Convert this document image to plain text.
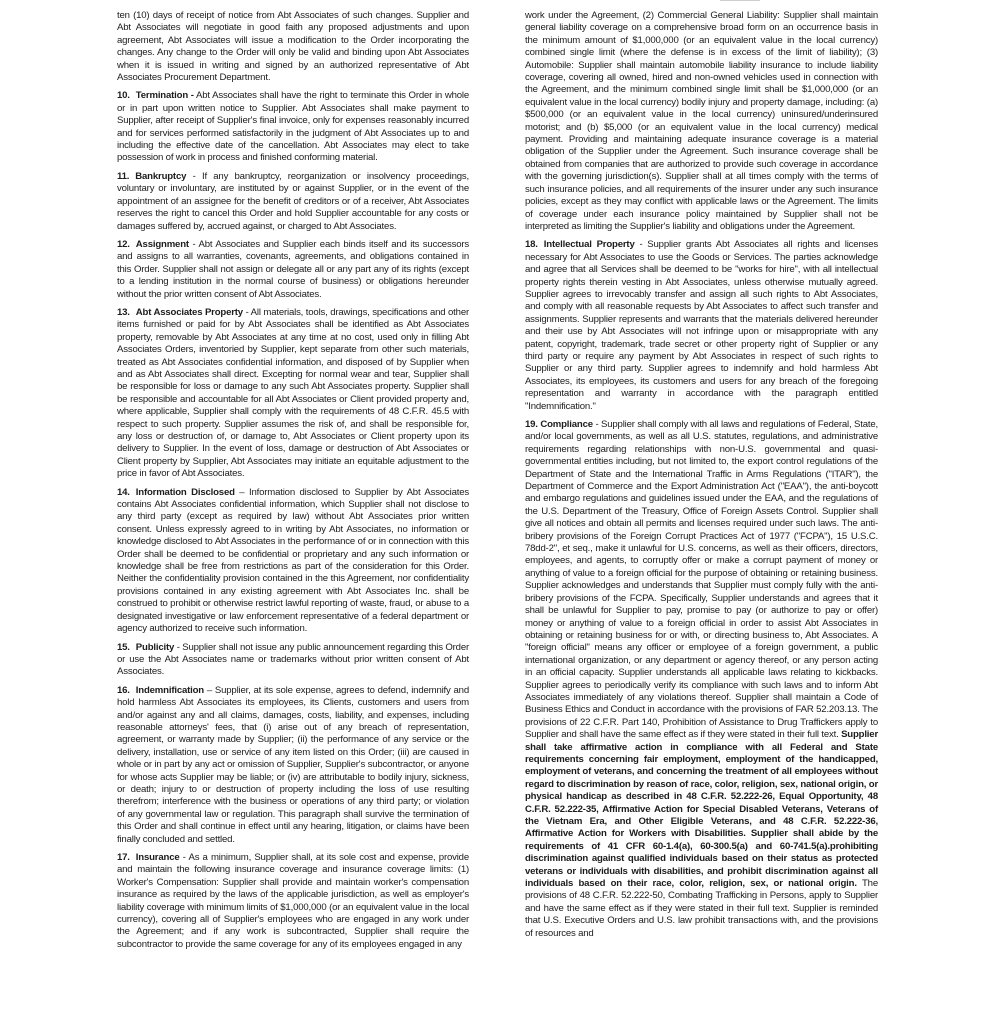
ten (10) days of receipt of notice from Abt Associates of such changes. Supplier and Abt Associates will negotiate in good faith any proposed adjustments and upon agreement, Abt Associates will issue a modification to the Order incorporating the changes. Any change to the Order will only be valid and binding upon Abt Associates when it is issued in writing and signed by an authorized representative of Abt Associates Procurement Department.

10. Termination - Abt Associates shall have the right to terminate this Order in whole or in part upon written notice to Supplier. Abt Associates shall make payment to Supplier, after receipt of Supplier's final invoice, only for expenses reasonably incurred and for services performed satisfactorily in the judgment of Abt Associates up to and including the effective date of the cancellation. Abt Associates may elect to take possession of work in process and finished conforming material.

11. Bankruptcy - If any bankruptcy, reorganization or insolvency proceedings, voluntary or involuntary, are instituted by or against Supplier, or in the event of the appointment of an assignee for the benefit of creditors or of a receiver, Abt Associates reserves the right to cancel this Order and hold Supplier accountable for any costs or damages suffered by, accrued against, or charged to Abt Associates.

12. Assignment - Abt Associates and Supplier each binds itself and its successors and assigns to all warranties, covenants, agreements, and obligations contained in this Order. Supplier shall not assign or delegate all or any part any of its rights (except to a lending institution in the normal course of business) or obligations hereunder without the prior written consent of Abt Associates.

13. Abt Associates Property - All materials, tools, drawings, specifications and other items furnished or paid for by Abt Associates shall be identified as Abt Associates property, removable by Abt Associates at any time at no cost, used only in filling Abt Associates Orders, inventoried by Supplier, kept separate from other such materials, treated as Abt Associates confidential information, and disposed of by Supplier when and as Abt Associates shall direct. Excepting for normal wear and tear, Supplier shall be responsible for loss or damage to any such Abt Associates property. Supplier shall be responsible and accountable for all Abt Associates or Client provided property and, where applicable, Supplier shall comply with the requirements of 48 C.F.R. 45.5 with respect to such property. Supplier assumes the risk of, and shall be responsible for, any loss or destruction of, or damage to, Abt Associates or Client property upon its delivery to Supplier. In the event of loss, damage or destruction of Abt Associates or Client property by Supplier, Abt Associates may initiate an equitable adjustment to the price in favor of Abt Associates.

14. Information Disclosed – Information disclosed to Supplier by Abt Associates contains Abt Associates confidential information, which Supplier shall not disclose to any third party (except as required by law) without Abt Associates prior written consent. Unless expressly agreed to in writing by Abt Associates, no information or knowledge disclosed to Abt Associates in the performance of or in connection with this Order shall be deemed to be confidential or proprietary and any such information or knowledge shall be free from restrictions as part of the consideration for this Order. Neither the confidentiality provision contained in the this Agreement, nor confidentiality provisions contained in any existing agreement with Abt Associates Inc. shall be construed to prohibit or otherwise restrict lawful reporting of waste, fraud, or abuse to a designated investigative or law enforcement representative of a federal department or agency authorized to receive such information.

15. Publicity - Supplier shall not issue any public announcement regarding this Order or use the Abt Associates name or trademarks without prior written consent of Abt Associates.

16. Indemnification – Supplier, at its sole expense, agrees to defend, indemnify and hold harmless Abt Associates its employees, its Clients, customers and users from and/or against any and all claims, damages, costs, liability, and expenses, including reasonable attorneys' fees, that (i) arise out of any breach of representation, agreement, or warranty made by Supplier; (ii) the performance of any service or the delivery, installation, use or service of any item listed on this Order; (iii) are caused in whole or in part by any act or omission of Supplier, Supplier's subcontractor, or anyone for whose acts Supplier may be liable; or (iv) are attributable to bodily injury, sickness, or death; injury to or destruction of property including the loss of use resulting therefrom; interference with the business or operations of any third party; or violation of any governmental law or regulation. This paragraph shall survive the termination of this Order and shall continue in effect until any hearing, litigation, or claims have been finally concluded and settled.

17. Insurance - As a minimum, Supplier shall, at its sole cost and expense, provide and maintain the following insurance coverage and insurance coverage limits: (1) Worker's Compensation: Supplier shall provide and maintain worker's compensation insurance as required by the laws of the applicable jurisdiction, as well as employer's liability coverage with minimum limits of $1,000,000 (or an equivalent value in the local currency), covering all of Supplier's employees who are engaged in any work under the Agreement; and if any work is subcontracted, Supplier shall require the subcontractor to provide the same coverage for any of its employees engaged in any

work under the Agreement, (2) Commercial General Liability: Supplier shall maintain general liability coverage on a comprehensive broad form on an occurrence basis in the minimum amount of $1,000,000 (or an equivalent value in the local currency) combined single limit (where the defense is in excess of the limit of liability); (3) Automobile: Supplier shall maintain automobile liability insurance to include liability coverage, covering all owned, hired and non-owned vehicles used in connection with the Agreement, and the minimum combined single limit shall be $1,000,000 (or an equivalent value in the local currency) bodily injury and property damage, including: (a) $500,000 (or an equivalent value in the local currency) uninsured/underinsured motorist; and (b) $5,000 (or an equivalent value in the local currency) medical payment. Providing and maintaining adequate insurance coverage is a material obligation of the Supplier under the Agreement. Such insurance coverage shall be obtained from companies that are authorized to provide such coverage in accordance with the governing jurisdiction(s). Supplier shall at all times comply with the terms of such insurance policies, and all requirements of the insurer under any such insurance policies, except as they may conflict with applicable laws or the Agreement. The limits of coverage under each insurance policy maintained by Supplier shall not be interpreted as limiting the Supplier's liability and obligations under the Agreement.

18. Intellectual Property - Supplier grants Abt Associates all rights and licenses necessary for Abt Associates to use the Goods or Services. The parties acknowledge and agree that all Services shall be deemed to be "works for hire", with all intellectual property rights therein vesting in Abt Associates, unless otherwise mutually agreed. Supplier agrees to irrevocably transfer and assign all such rights to Abt Associates, and comply with all reasonable requests by Abt Associates to affect such transfer and assignments. Supplier represents and warrants that the materials delivered hereunder and their use by Abt Associates will not infringe upon or misappropriate with any patent, copyright, trademark, trade secret or other property right of Supplier or any third party or require any payment by Abt Associates in respect of such rights to Supplier or any third party. Supplier agrees to indemnify and hold harmless Abt Associates, its employees, its customers and users for any breach of the foregoing representation and warranty in accordance with the paragraph entitled "Indemnification."

19. Compliance - Supplier shall comply with all laws and regulations of Federal, State, and/or local governments, as well as all U.S. statutes, regulations, and administrative requirements regarding relationships with non-U.S. governmental and quasi-governmental entities including, but not limited to, the export control regulations of the Department of State and the International Traffic in Arms Regulations ("ITAR"), the Department of Commerce and the Export Administration Act ("EAA"), the anti-boycott and embargo regulations and guidelines issued under the EAA, and the regulations of the U.S. Department of the Treasury, Office of Foreign Assets Control. Supplier shall give all notices and obtain all permits and licenses required under such laws. The anti-bribery provisions of the Foreign Corrupt Practices Act of 1977 ("FCPA"), 15 U.S.C. 78dd-2", et seq., make it unlawful for U.S. concerns, as well as their officers, directors, employees, and agents, to corruptly offer or make a corrupt payment of money or anything of value to a foreign official for the purpose of obtaining or retaining business. Supplier acknowledges and understands that Supplier must comply fully with the anti-bribery provisions of the FCPA. Specifically, Supplier understands and agrees that it shall be unlawful for Supplier to pay, promise to pay (or authorize to pay or offer) money or anything of value to a foreign official in order to assist Abt Associates in obtaining or retaining business for or with, or directing business to, Abt Associates. A "foreign official" means any officer or employee of a foreign government, a public international organization, or any department or agency thereof, or any person acting in an official capacity. Supplier understands all applicable laws relating to kickbacks. Supplier agrees to periodically verify its compliance with such laws and to inform Abt Associates immediately of any violations thereof. Supplier shall maintain a Code of Business Ethics and Conduct in accordance with the provisions of FAR 52.203.13. The provisions of 22 C.F.R. Part 140, Prohibition of Assistance to Drug Traffickers apply to Supplier and shall have the same effect as if they were stated in their full text. Supplier shall take affirmative action in compliance with all Federal and State requirements concerning fair employment, employment of the handicapped, employment of veterans, and concerning the treatment of all employees without regard to discrimination by reason of race, color, religion, sex, national origin, or physical handicap as described in 48 C.F.R. 52.222-26, Equal Opportunity, 48 C.F.R. 52.222-35, Affirmative Action for Special Disabled Veterans, Veterans of the Vietnam Era, and Other Eligible Veterans, and 48 C.F.R. 52.222-36, Affirmative Action for Workers with Disabilities. Supplier shall abide by the requirements of 41 CFR 60-1.4(a), 60-300.5(a) and 60-741.5(a).prohibiting discrimination against qualified individuals based on their status as protected veterans or individuals with disabilities, and prohibit discrimination against all individuals based on their race, color, religion, sex, or national origin. The provisions of 48 C.F.R. 52.222-50, Combating Trafficking in Persons, apply to Supplier and have the same effect as if they were stated in their full text. Supplier is reminded that U.S. Executive Orders and U.S. law prohibit transactions with, and the provisions of resources and
